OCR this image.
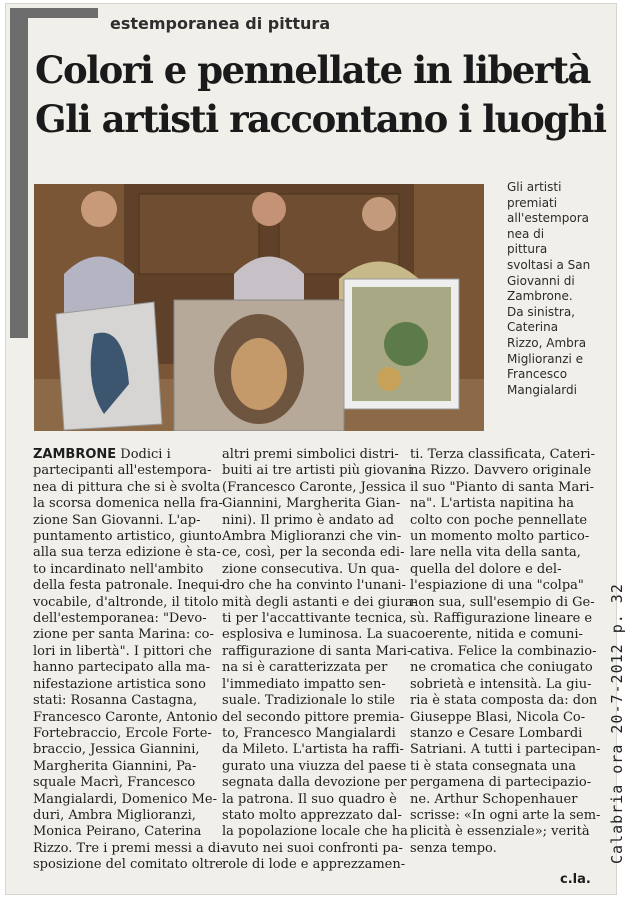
estemporanea di pittura
Colori e pennellate in libertà
Gli artisti raccontano i luoghi
Gli artisti
premiati
all'estempora
nea di
pittura
svoltasi a San
Giovanni di
Zambrone.
Da sinistra,
Caterina
Rizzo, Ambra
Miglioranzi e
Francesco
Mangialardi
ZAMBRONE Dodici i
partecipanti all'estempora-
nea di pittura che si è svolta
la scorsa domenica nella fra-
zione San Giovanni. L'ap-
puntamento artistico, giunto
alla sua terza edizione è sta-
to incardinato nell'ambito
della festa patronale. Inequi-
vocabile, d'altronde, il titolo
dell'estemporanea: "Devo-
zione per santa Marina: co-
lori in libertà". I pittori che
hanno partecipato alla ma-
nifestazione artistica sono
stati: Rosanna Castagna,
Francesco Caronte, Antonio
Fortebraccio, Ercole Forte-
braccio, Jessica Giannini,
Margherita Giannini, Pa-
squale Macrì, Francesco
Mangialardi, Domenico Me-
duri, Ambra Miglioranzi,
Monica Peirano, Caterina
Rizzo. Tre i premi messi a di-
sposizione del comitato oltre
altri premi simbolici distri-
buiti ai tre artisti più giovani
(Francesco Caronte, Jessica
Giannini, Margherita Gian-
nini). Il primo è andato ad
Ambra Miglioranzi che vin-
ce, così, per la seconda edi-
zione consecutiva. Un qua-
dro che ha convinto l'unani-
mità degli astanti e dei giura-
ti per l'accattivante tecnica,
esplosiva e luminosa. La sua
raffigurazione di santa Mari-
na si è caratterizzata per
l'immediato impatto sen-
suale. Tradizionale lo stile
del secondo pittore premia-
to, Francesco Mangialardi
da Mileto. L'artista ha raffi-
gurato una viuzza del paese
segnata dalla devozione per
la patrona. Il suo quadro è
stato molto apprezzato dal-
la popolazione locale che ha
avuto nei suoi confronti pa-
role di lode e apprezzamen-
ti. Terza classificata, Cateri-
na Rizzo. Davvero originale
il suo "Pianto di santa Mari-
na". L'artista napitina ha
colto con poche pennellate
un momento molto partico-
lare nella vita della santa,
quella del dolore e del-
l'espiazione di una "colpa"
non sua, sull'esempio di Ge-
sù. Raffigurazione lineare e
coerente, nitida e comuni-
cativa. Felice la combinazio-
ne cromatica che coniugato
sobrietà e intensità. La giu-
ria è stata composta da: don
Giuseppe Blasi, Nicola Co-
stanzo e Cesare Lombardi
Satriani. A tutti i partecipan-
ti è stata consegnata una
pergamena di partecipazio-
ne. Arthur Schopenhauer
scrisse: «In ogni arte la sem-
plicità è essenziale»; verità
senza tempo.
c.la.
Calabria ora 20-7-2012 p. 32
